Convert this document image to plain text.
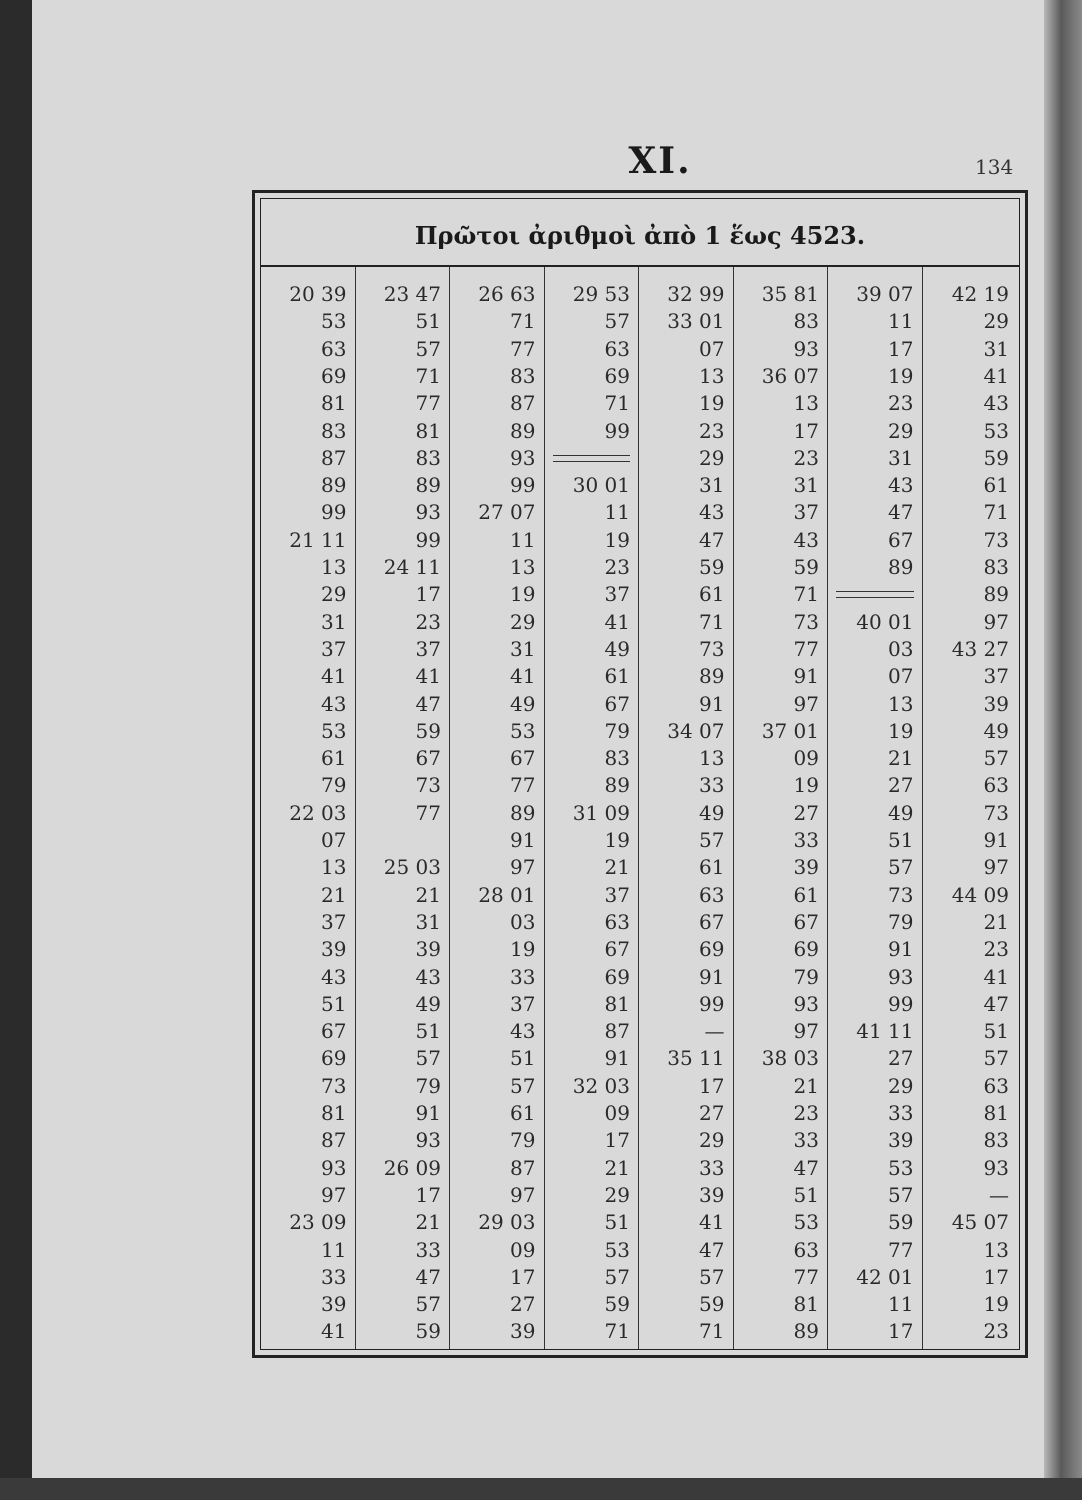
XI.	134
Πρῶτοι ἀριθμοὶ ἀπὸ 1 ἕως 4523.
20 39
53
63
69
81
83
87
89
99
21 11
13
29
31
37
41
43
53
61
79
22 03
07
13
21
37
39
43
51
67
69
73
81
87
93
97
23 09
11
33
39
41
23 47
51
57
71
77
81
83
89
93
99
24 11
17
23
37
41
47
59
67
73
77
25 03
21
31
39
43
49
51
57
79
91
93
26 09
17
21
33
47
57
59
26 63
71
77
83
87
89
93
99
27 07
11
13
19
29
31
41
49
53
67
77
89
91
97
28 01
03
19
33
37
43
51
57
61
79
87
97
29 03
09
17
27
39
29 53
57
63
69
71
99
30 01
11
19
23
37
41
49
61
67
79
83
89
31 09
19
21
37
63
67
69
81
87
91
32 03
09
17
21
29
51
53
57
59
71
32 99
33 01
07
13
19
23
29
31
43
47
59
61
71
73
89
91
34 07
13
33
49
57
61
63
67
69
91
99
—
35 11
17
27
29
33
39
41
47
57
59
71
35 81
83
93
36 07
13
17
23
31
37
43
59
71
73
77
91
97
37 01
09
19
27
33
39
61
67
69
79
93
97
38 03
21
23
33
47
51
53
63
77
81
89
39 07
11
17
19
23
29
31
43
47
67
89
40 01
03
07
13
19
21
27
49
51
57
73
79
91
93
99
41 11
27
29
33
39
53
57
59
77
42 01
11
17
42 19
29
31
41
43
53
59
61
71
73
83
89
97
43 27
37
39
49
57
63
73
91
97
44 09
21
23
41
47
51
57
63
81
83
93
—
45 07
13
17
19
23
